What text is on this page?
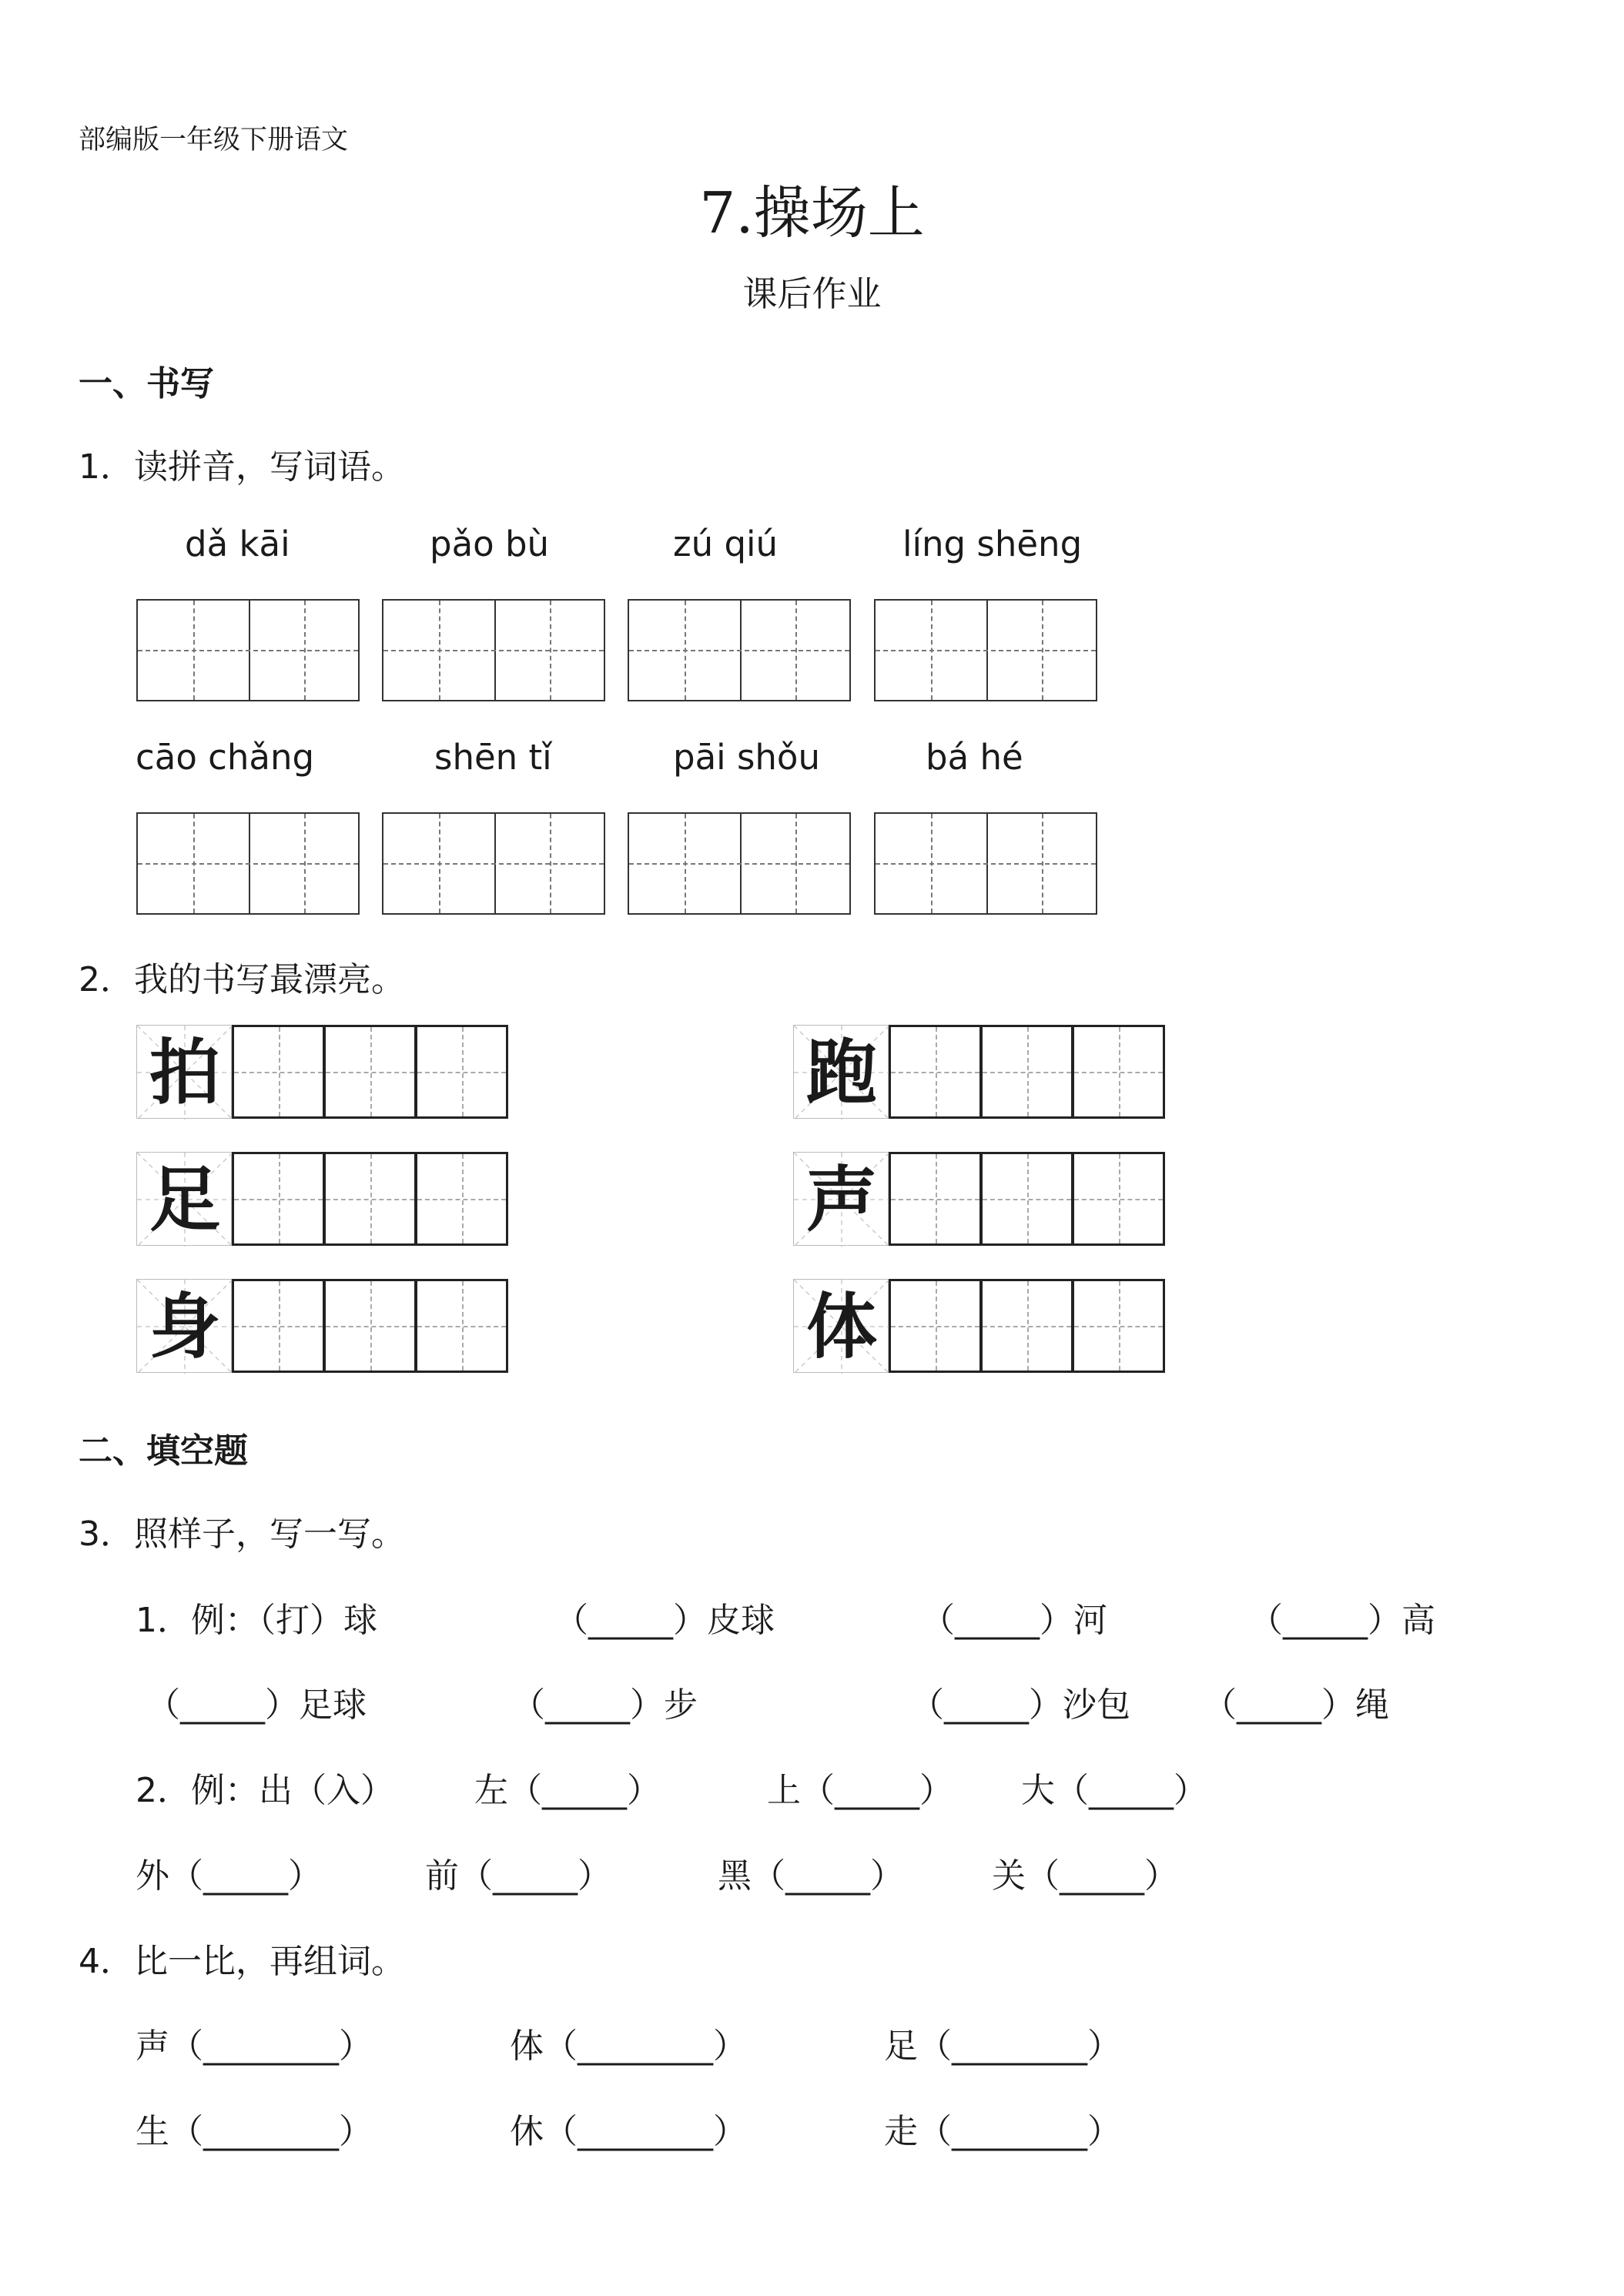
部编版一年级下册语文
7.操场上
课后作业
一、书写
1．读拼音，写词语。
dǎ kāi	pǎo bù	zú qiú	líng shēng
cāo chǎng	shēn tǐ	pāi shǒu	bá hé
2．我的书写最漂亮。
拍	跑
足	声
身	体
二、填空题
3．照样子，写一写。
1．例：（打）球	（_____）皮球	（_____）河	（_____）高
（_____）足球	（_____）步	（_____）沙包 （_____）绳
2．例：出（入） 左（_____）	上（_____） 大（_____）
外（_____）	前（_____）	黑（_____）	关（_____）
4．比一比，再组词。
声（________）	体（________）	足（________）
生（________）	休（________）	走（________）
